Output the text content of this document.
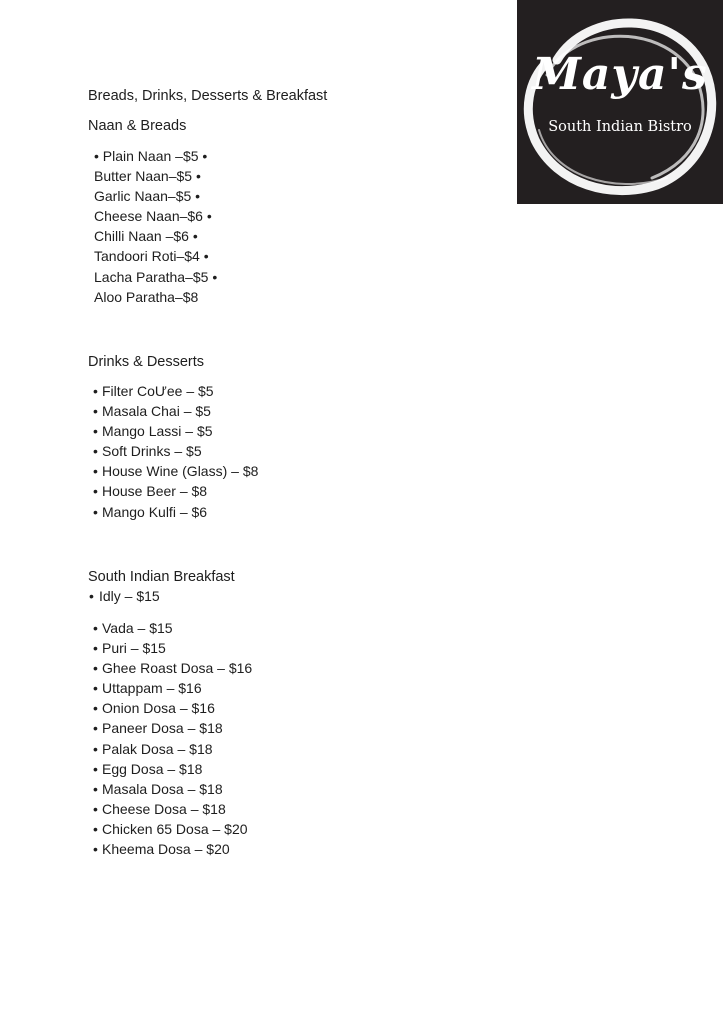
Maya's
South Indian Bistro
Breads, Drinks, Desserts & Breakfast
Naan & Breads
• Plain Naan –$5 •
Butter Naan–$5 •
Garlic Naan–$5 •
Cheese Naan–$6 •
Chilli Naan –$6 •
Tandoori Roti–$4 •
Lacha Paratha–$5 •
Aloo Paratha–$8
Drinks & Desserts
• Filter CoƯee – $5
• Masala Chai – $5
• Mango Lassi – $5
• Soft Drinks – $5
• House Wine (Glass) – $8
• House Beer – $8
• Mango Kulfi – $6
South Indian Breakfast
• Idly – $15
• Vada – $15
• Puri – $15
• Ghee Roast Dosa – $16
• Uttappam – $16
• Onion Dosa – $16
• Paneer Dosa – $18
• Palak Dosa – $18
• Egg Dosa – $18
• Masala Dosa – $18
• Cheese Dosa – $18
• Chicken 65 Dosa – $20
• Kheema Dosa – $20
